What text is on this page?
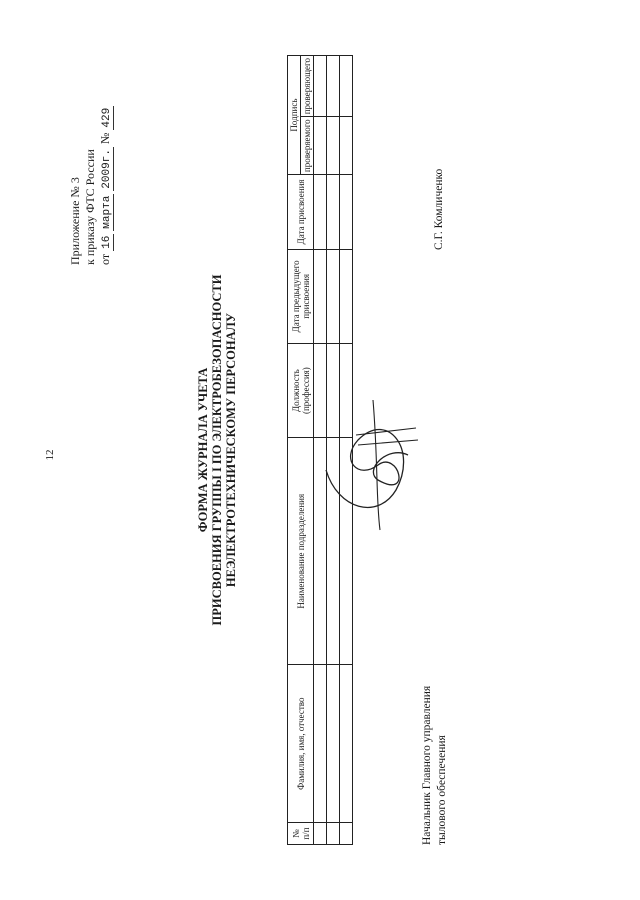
12
Приложение № 3 к приказу ФТС России от 16 марта 2009г. № 429
ФОРМА ЖУРНАЛА УЧЕТА ПРИСВОЕНИЯ ГРУППЫ I ПО ЭЛЕКТРОБЕЗОПАСНОСТИ НЕЭЛЕКТРОТЕХНИЧЕСКОМУ ПЕРСОНАЛУ
№ п/п	Фамилия, имя, отчество	Наименование подразделения	Должность (профессия)	Дата предыдущего присвоения	Дата присвоения	Подпись	
						проверяемого	проверяющего

Начальник Главного управления тылового обеспечения
С.Г. Комличенко
